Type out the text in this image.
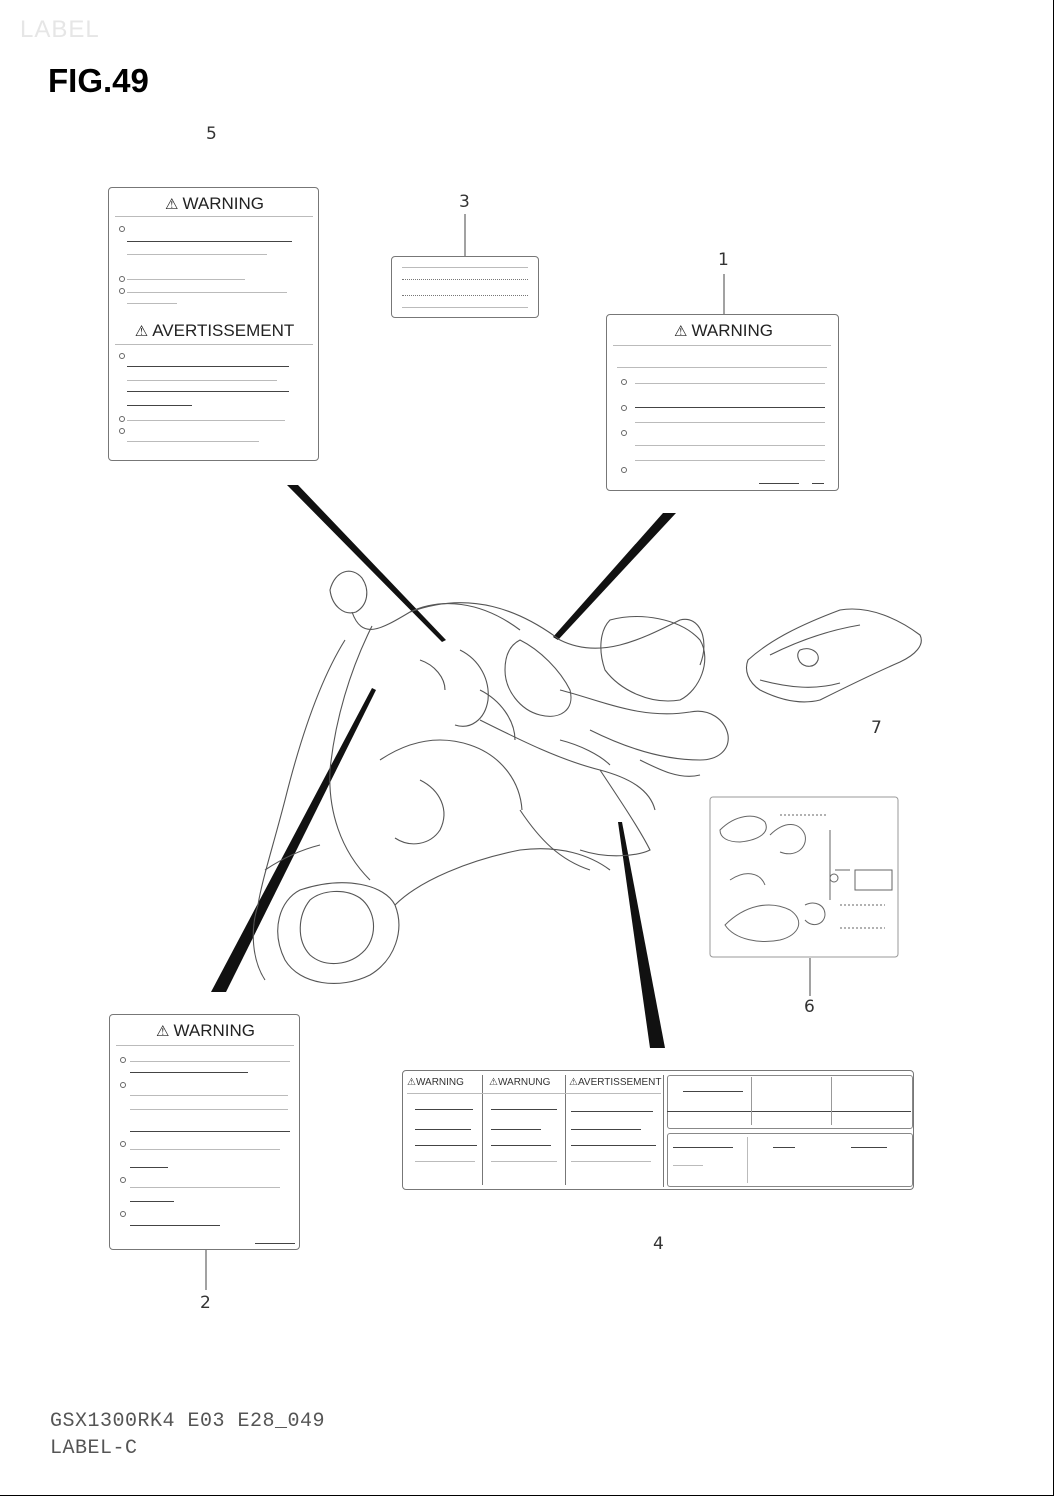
LABEL
FIG.49
5
3
1
7
6
4
2
⚠ WARNING
⚠ AVERTISSEMENT	⚠ WARNING
⚠ WARNING
⚠WARNING	⚠WARNUNG ⚠AVERTISSEMENT
GSX1300RK4 E03 E28_049
LABEL-C
